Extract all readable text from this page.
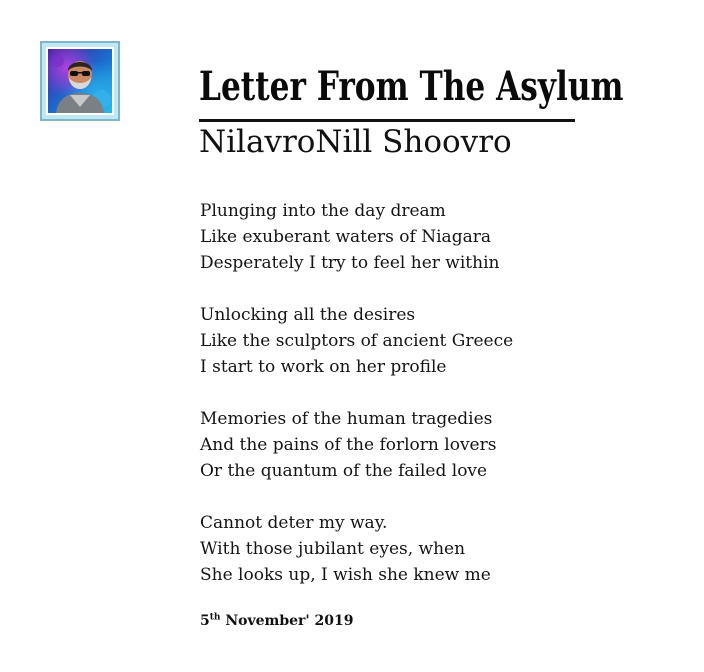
Letter From The Asylum
NilavroNill Shoovro
Plunging into the day dream
Like exuberant waters of Niagara
Desperately I try to feel her within
Unlocking all the desires
Like the sculptors of ancient Greece
I start to work on her profile
Memories of the human tragedies
And the pains of the forlorn lovers
Or the quantum of the failed love
Cannot deter my way.
With those jubilant eyes, when
She looks up, I wish she knew me
5th November' 2019
